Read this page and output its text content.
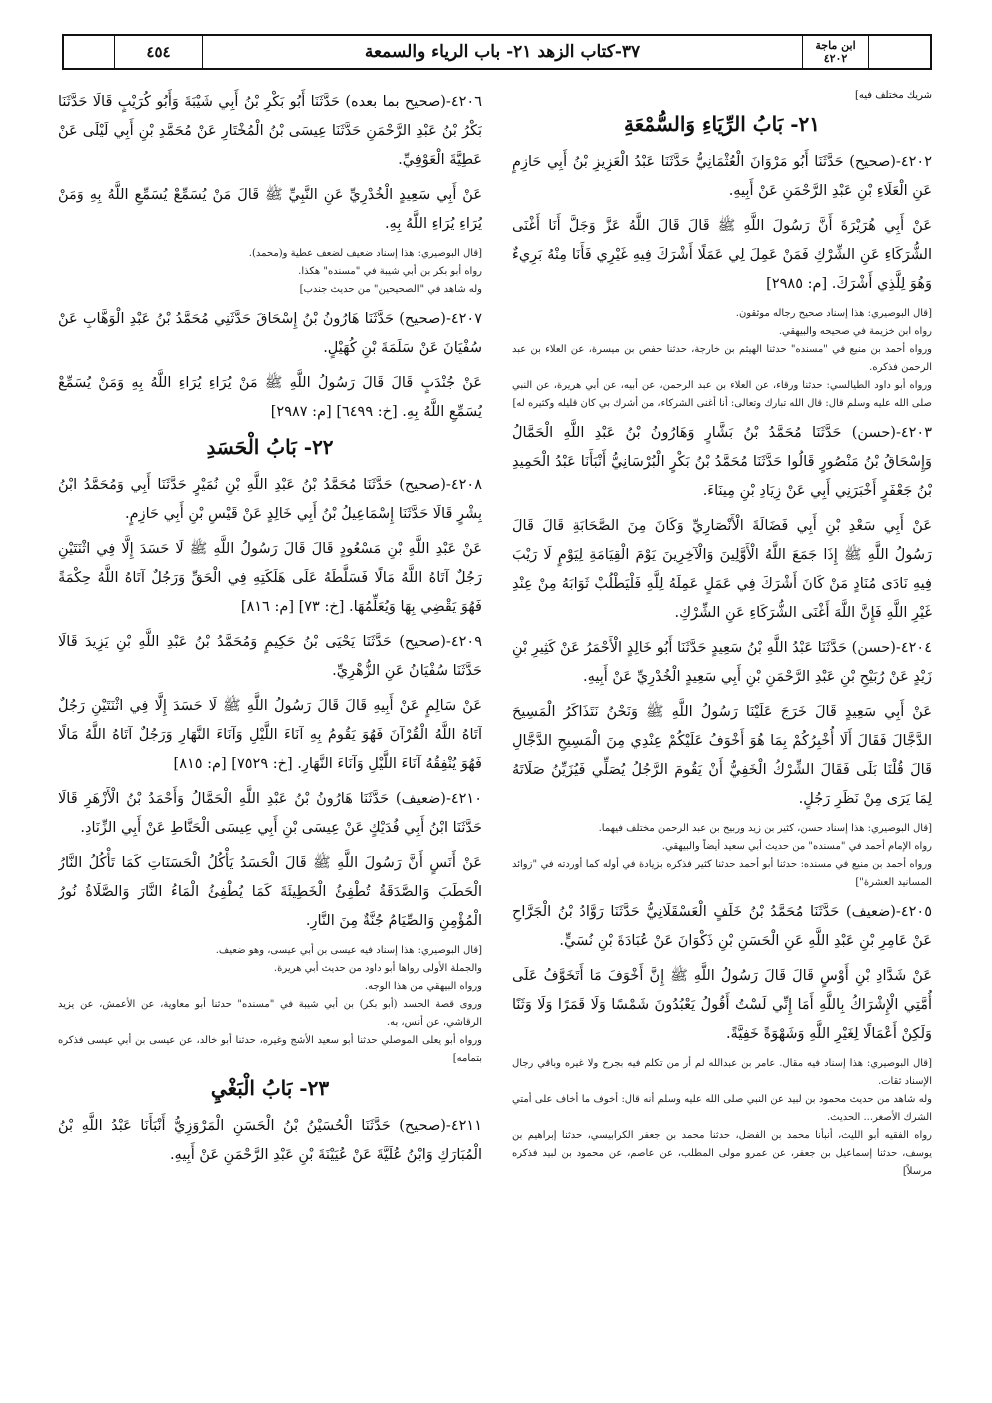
ابن ماجة
٤٢٠٢
٣٧-كتاب الزهد ٢١- باب الرياء والسمعة
٤٥٤
شريك مختلف فيه]
٢١- بَابُ الرِّيَاءِ وَالسُّمْعَةِ

٤٢٠٢-(صحيح) حَدَّثَنَا أَبُو مَرْوَانَ الْعُثْمَانِيُّ حَدَّثَنَا عَبْدُ الْعَزِيزِ بْنُ أَبِي حَازِمٍ عَنِ الْعَلَاءِ بْنِ عَبْدِ الرَّحْمَنِ عَنْ أَبِيهِ.

عَنْ أَبِي هُرَيْرَةَ أَنَّ رَسُولَ اللَّهِ ﷺ قَالَ قَالَ اللَّهُ عَزَّ وَجَلَّ أَنَا أَغْنَى الشُّرَكَاءِ عَنِ الشِّرْكِ فَمَنْ عَمِلَ لِي عَمَلًا أَشْرَكَ فِيهِ غَيْرِي فَأَنَا مِنْهُ بَرِيءٌ وَهُوَ لِلَّذِي أَشْرَكَ. [م: ٢٩٨٥]

[قال البوصيري: هذا إسناد صحيح رجاله موثقون.

رواه ابن خزيمة في صحيحه والبيهقي.

ورواه أحمد بن منيع في "مسنده" حدثنا الهيثم بن خارجة، حدثنا حفص بن ميسرة، عن العلاء بن عبد الرحمن فذكره.

ورواه أبو داود الطيالسي: حدثنا ورقاء، عن العلاء بن عبد الرحمن، عن أبيه، عن أبي هريرة، عن النبي صلى الله عليه وسلم قال: قال الله تبارك وتعالى: أنا أغنى الشركاء، من أشرك بي كان قليله وكثيره له]

٤٢٠٣-(حسن) حَدَّثَنَا مُحَمَّدُ بْنُ بَشَّارٍ وَهَارُونُ بْنُ عَبْدِ اللَّهِ الْحَمَّالُ وَإِسْحَاقُ بْنُ مَنْصُورٍ قَالُوا حَدَّثَنَا مُحَمَّدُ بْنُ بَكْرٍ الْبُرْسَانِيُّ أَنْبَأَنَا عَبْدُ الْحَمِيدِ بْنُ جَعْفَرٍ أَخْبَرَنِي أَبِي عَنْ زِيَادِ بْنِ مِينَاءَ.

عَنْ أَبِي سَعْدِ بْنِ أَبِي فَضَالَةَ الْأَنْصَارِيِّ وَكَانَ مِنَ الصَّحَابَةِ قَالَ قَالَ رَسُولُ اللَّهِ ﷺ إِذَا جَمَعَ اللَّهُ الْأَوَّلِينَ وَالْآخِرِينَ يَوْمَ الْقِيَامَةِ لِيَوْمٍ لَا رَيْبَ فِيهِ نَادَى مُنَادٍ مَنْ كَانَ أَشْرَكَ فِي عَمَلٍ عَمِلَهُ لِلَّهِ فَلْيَطْلُبْ ثَوَابَهُ مِنْ عِنْدِ غَيْرِ اللَّهِ فَإِنَّ اللَّهَ أَغْنَى الشُّرَكَاءِ عَنِ الشِّرْكِ.

٤٢٠٤-(حسن) حَدَّثَنَا عَبْدُ اللَّهِ بْنُ سَعِيدٍ حَدَّثَنَا أَبُو خَالِدٍ الْأَحْمَرُ عَنْ كَثِيرِ بْنِ زَيْدٍ عَنْ رُبَيْحِ بْنِ عَبْدِ الرَّحْمَنِ بْنِ أَبِي سَعِيدٍ الْخُدْرِيِّ عَنْ أَبِيهِ.

عَنْ أَبِي سَعِيدٍ قَالَ خَرَجَ عَلَيْنَا رَسُولُ اللَّهِ ﷺ وَنَحْنُ نَتَذَاكَرُ الْمَسِيحَ الدَّجَّالَ فَقَالَ أَلَا أُخْبِرُكُمْ بِمَا هُوَ أَخْوَفُ عَلَيْكُمْ عِنْدِي مِنَ الْمَسِيحِ الدَّجَّالِ قَالَ قُلْنَا بَلَى فَقَالَ الشِّرْكُ الْخَفِيُّ أَنْ يَقُومَ الرَّجُلُ يُصَلِّي فَيُزَيِّنُ صَلَاتَهُ لِمَا يَرَى مِنْ نَظَرِ رَجُلٍ.

[قال البوصيري: هذا إسناد حسن، كثير بن زيد وربيح بن عبد الرحمن مختلف فيهما.

رواه الإمام أحمد في "مسنده" من حديث أبي سعيد أيضاً والبيهقي.

ورواه أحمد بن منيع في مسنده: حدثنا أبو أحمد حدثنا كثير فذكره بزيادة في أوله كما أوردته في "زوائد المسانيد العشرة"]

٤٢٠٥-(ضعيف) حَدَّثَنَا مُحَمَّدُ بْنُ خَلَفٍ الْعَسْقَلَانِيُّ حَدَّثَنَا رَوَّادُ بْنُ الْجَرَّاحِ عَنْ عَامِرِ بْنِ عَبْدِ اللَّهِ عَنِ الْحَسَنِ بْنِ ذَكْوَانَ عَنْ عُبَادَةَ بْنِ نُسَيٍّ.

عَنْ شَدَّادِ بْنِ أَوْسٍ قَالَ قَالَ رَسُولُ اللَّهِ ﷺ إِنَّ أَخْوَفَ مَا أَتَخَوَّفُ عَلَى أُمَّتِي الْإِشْرَاكُ بِاللَّهِ أَمَا إِنِّي لَسْتُ أَقُولُ يَعْبُدُونَ شَمْسًا وَلَا قَمَرًا وَلَا وَثَنًا وَلَكِنْ أَعْمَالًا لِغَيْرِ اللَّهِ وَشَهْوَةً خَفِيَّةً.

[قال البوصيري: هذا إسناد فيه مقال. عامر بن عبدالله لم أر من تكلم فيه بجرح ولا غيره وباقي رجال الإسناد ثقات.

وله شاهد من حديث محمود بن لبيد عن النبي صلى الله عليه وسلم أنه قال: أخوف ما أخاف على أمتي الشرك الأصغر... الحديث.

رواه الفقيه أبو الليث، أنبأنا محمد بن الفضل، حدثنا محمد بن جعفر الكرابيسي، حدثنا إبراهيم بن يوسف، حدثنا إسماعيل بن جعفر، عن عمرو مولى المطلب، عن عاصم، عن محمود بن لبيد فذكره مرسلاً]

٤٢٠٦-(صحيح بما بعده) حَدَّثَنَا أَبُو بَكْرِ بْنُ أَبِي شَيْبَةَ وَأَبُو كُرَيْبٍ قَالَا حَدَّثَنَا بَكْرُ بْنُ عَبْدِ الرَّحْمَنِ حَدَّثَنَا عِيسَى بْنُ الْمُخْتَارِ عَنْ مُحَمَّدِ بْنِ أَبِي لَيْلَى عَنْ عَطِيَّةَ الْعَوْفِيِّ.

عَنْ أَبِي سَعِيدٍ الْخُدْرِيِّ عَنِ النَّبِيِّ ﷺ قَالَ مَنْ يُسَمِّعْ يُسَمِّعِ اللَّهُ بِهِ وَمَنْ يُرَاءِ يُرَاءِ اللَّهُ بِهِ.

[قال البوصيري: هذا إسناد ضعيف لضعف عطية و(محمد).

رواه أبو بكر بن أبي شيبة في "مسنده" هكذا.

وله شاهد في "الصحيحين" من حديث جندب]

٤٢٠٧-(صحيح) حَدَّثَنَا هَارُونُ بْنُ إِسْحَاقَ حَدَّثَنِي مُحَمَّدُ بْنُ عَبْدِ الْوَهَّابِ عَنْ سُفْيَانَ عَنْ سَلَمَةَ بْنِ كُهَيْلٍ.

عَنْ جُنْدَبٍ قَالَ قَالَ رَسُولُ اللَّهِ ﷺ مَنْ يُرَاءِ يُرَاءِ اللَّهُ بِهِ وَمَنْ يُسَمِّعْ يُسَمِّعِ اللَّهُ بِهِ. [خ: ٦٤٩٩] [م: ٢٩٨٧]

٢٢- بَابُ الْحَسَدِ

٤٢٠٨-(صحيح) حَدَّثَنَا مُحَمَّدُ بْنُ عَبْدِ اللَّهِ بْنِ نُمَيْرٍ حَدَّثَنَا أَبِي وَمُحَمَّدُ ابْنُ بِشْرٍ قَالَا حَدَّثَنَا إِسْمَاعِيلُ بْنُ أَبِي خَالِدٍ عَنْ قَيْسِ بْنِ أَبِي حَازِمٍ.

عَنْ عَبْدِ اللَّهِ بْنِ مَسْعُودٍ قَالَ قَالَ رَسُولُ اللَّهِ ﷺ لَا حَسَدَ إِلَّا فِي اثْنَتَيْنِ رَجُلٌ آتَاهُ اللَّهُ مَالًا فَسَلَّطَهُ عَلَى هَلَكَتِهِ فِي الْحَقِّ وَرَجُلٌ آتَاهُ اللَّهُ حِكْمَةً فَهُوَ يَقْضِي بِهَا وَيُعَلِّمُهَا. [خ: ٧٣] [م: ٨١٦]

٤٢٠٩-(صحيح) حَدَّثَنَا يَحْيَى بْنُ حَكِيمٍ وَمُحَمَّدُ بْنُ عَبْدِ اللَّهِ بْنِ يَزِيدَ قَالَا حَدَّثَنَا سُفْيَانُ عَنِ الزُّهْرِيِّ.

عَنْ سَالِمٍ عَنْ أَبِيهِ قَالَ قَالَ رَسُولُ اللَّهِ ﷺ لَا حَسَدَ إِلَّا فِي اثْنَتَيْنِ رَجُلٌ آتَاهُ اللَّهُ الْقُرْآنَ فَهُوَ يَقُومُ بِهِ آنَاءَ اللَّيْلِ وَآنَاءَ النَّهَارِ وَرَجُلٌ آتَاهُ اللَّهُ مَالًا فَهُوَ يُنْفِقُهُ آنَاءَ اللَّيْلِ وَآنَاءَ النَّهَارِ. [خ: ٧٥٢٩] [م: ٨١٥]

٤٢١٠-(ضعيف) حَدَّثَنَا هَارُونُ بْنُ عَبْدِ اللَّهِ الْحَمَّالُ وَأَحْمَدُ بْنُ الْأَزْهَرِ قَالَا حَدَّثَنَا ابْنُ أَبِي فُدَيْكٍ عَنْ عِيسَى بْنِ أَبِي عِيسَى الْحَنَّاطِ عَنْ أَبِي الزِّنَادِ.

عَنْ أَنَسٍ أَنَّ رَسُولَ اللَّهِ ﷺ قَالَ الْحَسَدُ يَأْكُلُ الْحَسَنَاتِ كَمَا تَأْكُلُ النَّارُ الْحَطَبَ وَالصَّدَقَةُ تُطْفِئُ الْخَطِيئَةَ كَمَا يُطْفِئُ الْمَاءُ النَّارَ وَالصَّلَاةُ نُورُ الْمُؤْمِنِ وَالصِّيَامُ جُنَّةٌ مِنَ النَّارِ.

[قال البوصيري: هذا إسناد فيه عيسى بن أبي عيسى، وهو ضعيف.

والجملة الأولى رواها أبو داود من حديث أبي هريرة.

ورواه البيهقي من هذا الوجه.

وروى قصة الحسد (أبو بكر) بن أبي شيبة في "مسنده" حدثنا أبو معاوية، عن الأعمش، عن يزيد الرقاشي، عن أنس، به.

ورواه أبو يعلى الموصلي حدثنا أبو سعيد الأشج وغيره، حدثنا أبو خالد، عن عيسى بن أبي عيسى فذكره بتمامه]

٢٣- بَابُ الْبَغْيِ

٤٢١١-(صحيح) حَدَّثَنَا الْحُسَيْنُ بْنُ الْحَسَنِ الْمَرْوَزِيُّ أَنْبَأَنَا عَبْدُ اللَّهِ بْنُ الْمُبَارَكِ وَابْنُ عُلَيَّةَ عَنْ عُيَيْنَةَ بْنِ عَبْدِ الرَّحْمَنِ عَنْ أَبِيهِ.
